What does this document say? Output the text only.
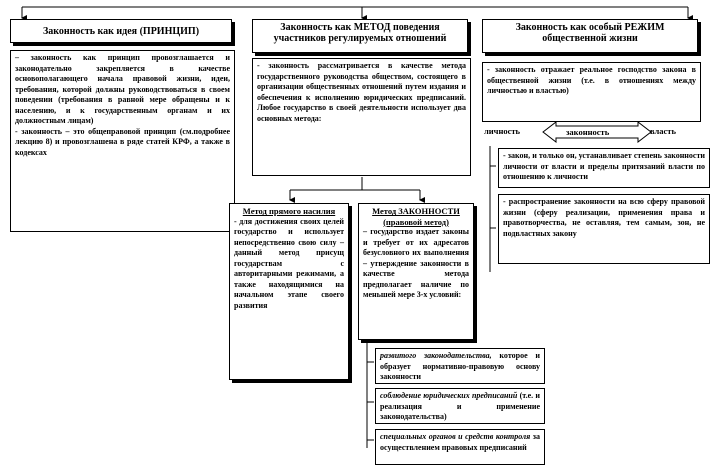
Законность как идея (ПРИНЦИП)

– законность как принцип провозглашается и законодательно закрепляется в качестве основополагающего начала правовой жизни, идеи, требования, которой должны руководствоваться в своем поведении (требования в равной мере обращены и к населению, и к государственным органам и их должностным лицам)

- законность – это общеправовой принцип (см.подробнее лекцию 8) и провозглашена в ряде статей КРФ, а также в кодексах

Законность как МЕТОД поведения участников регулируемых отношений

- законность рассматривается в качестве метода государственного руководства обществом, состоящего в организации общественных отношений путем издания и обеспечения к исполнению юридических предписаний. Любое государство в своей деятельности использует два основных метода:

Законность как особый РЕЖИМ общественной жизни

- законность отражает реальное господство закона в общественной жизни (т.е. в отношениях между личностью и властью)

личность	законность	власть

- закон, и только он, устанавливает степень законности личности от власти и пределы притязаний власти по отношению к личности

- распространение законности на всю сферу правовой жизни (сферу реализации, применения права и правотворчества, не оставляя, тем самым, зон, не подвластных закону

Метод прямого насилия

- для достижения своих целей государство и использует непосредственно свою силу – данный метод присущ государствам с авторитарными режимами, а также находящимися на начальном этапе своего развития

Метод ЗАКОННОСТИ (правовой метод)

– государство издает законы и требует от их адресатов безусловного их выполнения – утверждение законности в качестве метода предполагает наличие по меньшей мере 3-х условий:

развитого законодательства, которое и образует нормативно-правовую основу законности

соблюдение юридических предписаний (т.е. и реализация и применение законодательства)

специальных органов и средств контроля за осуществлением правовых предписаний
